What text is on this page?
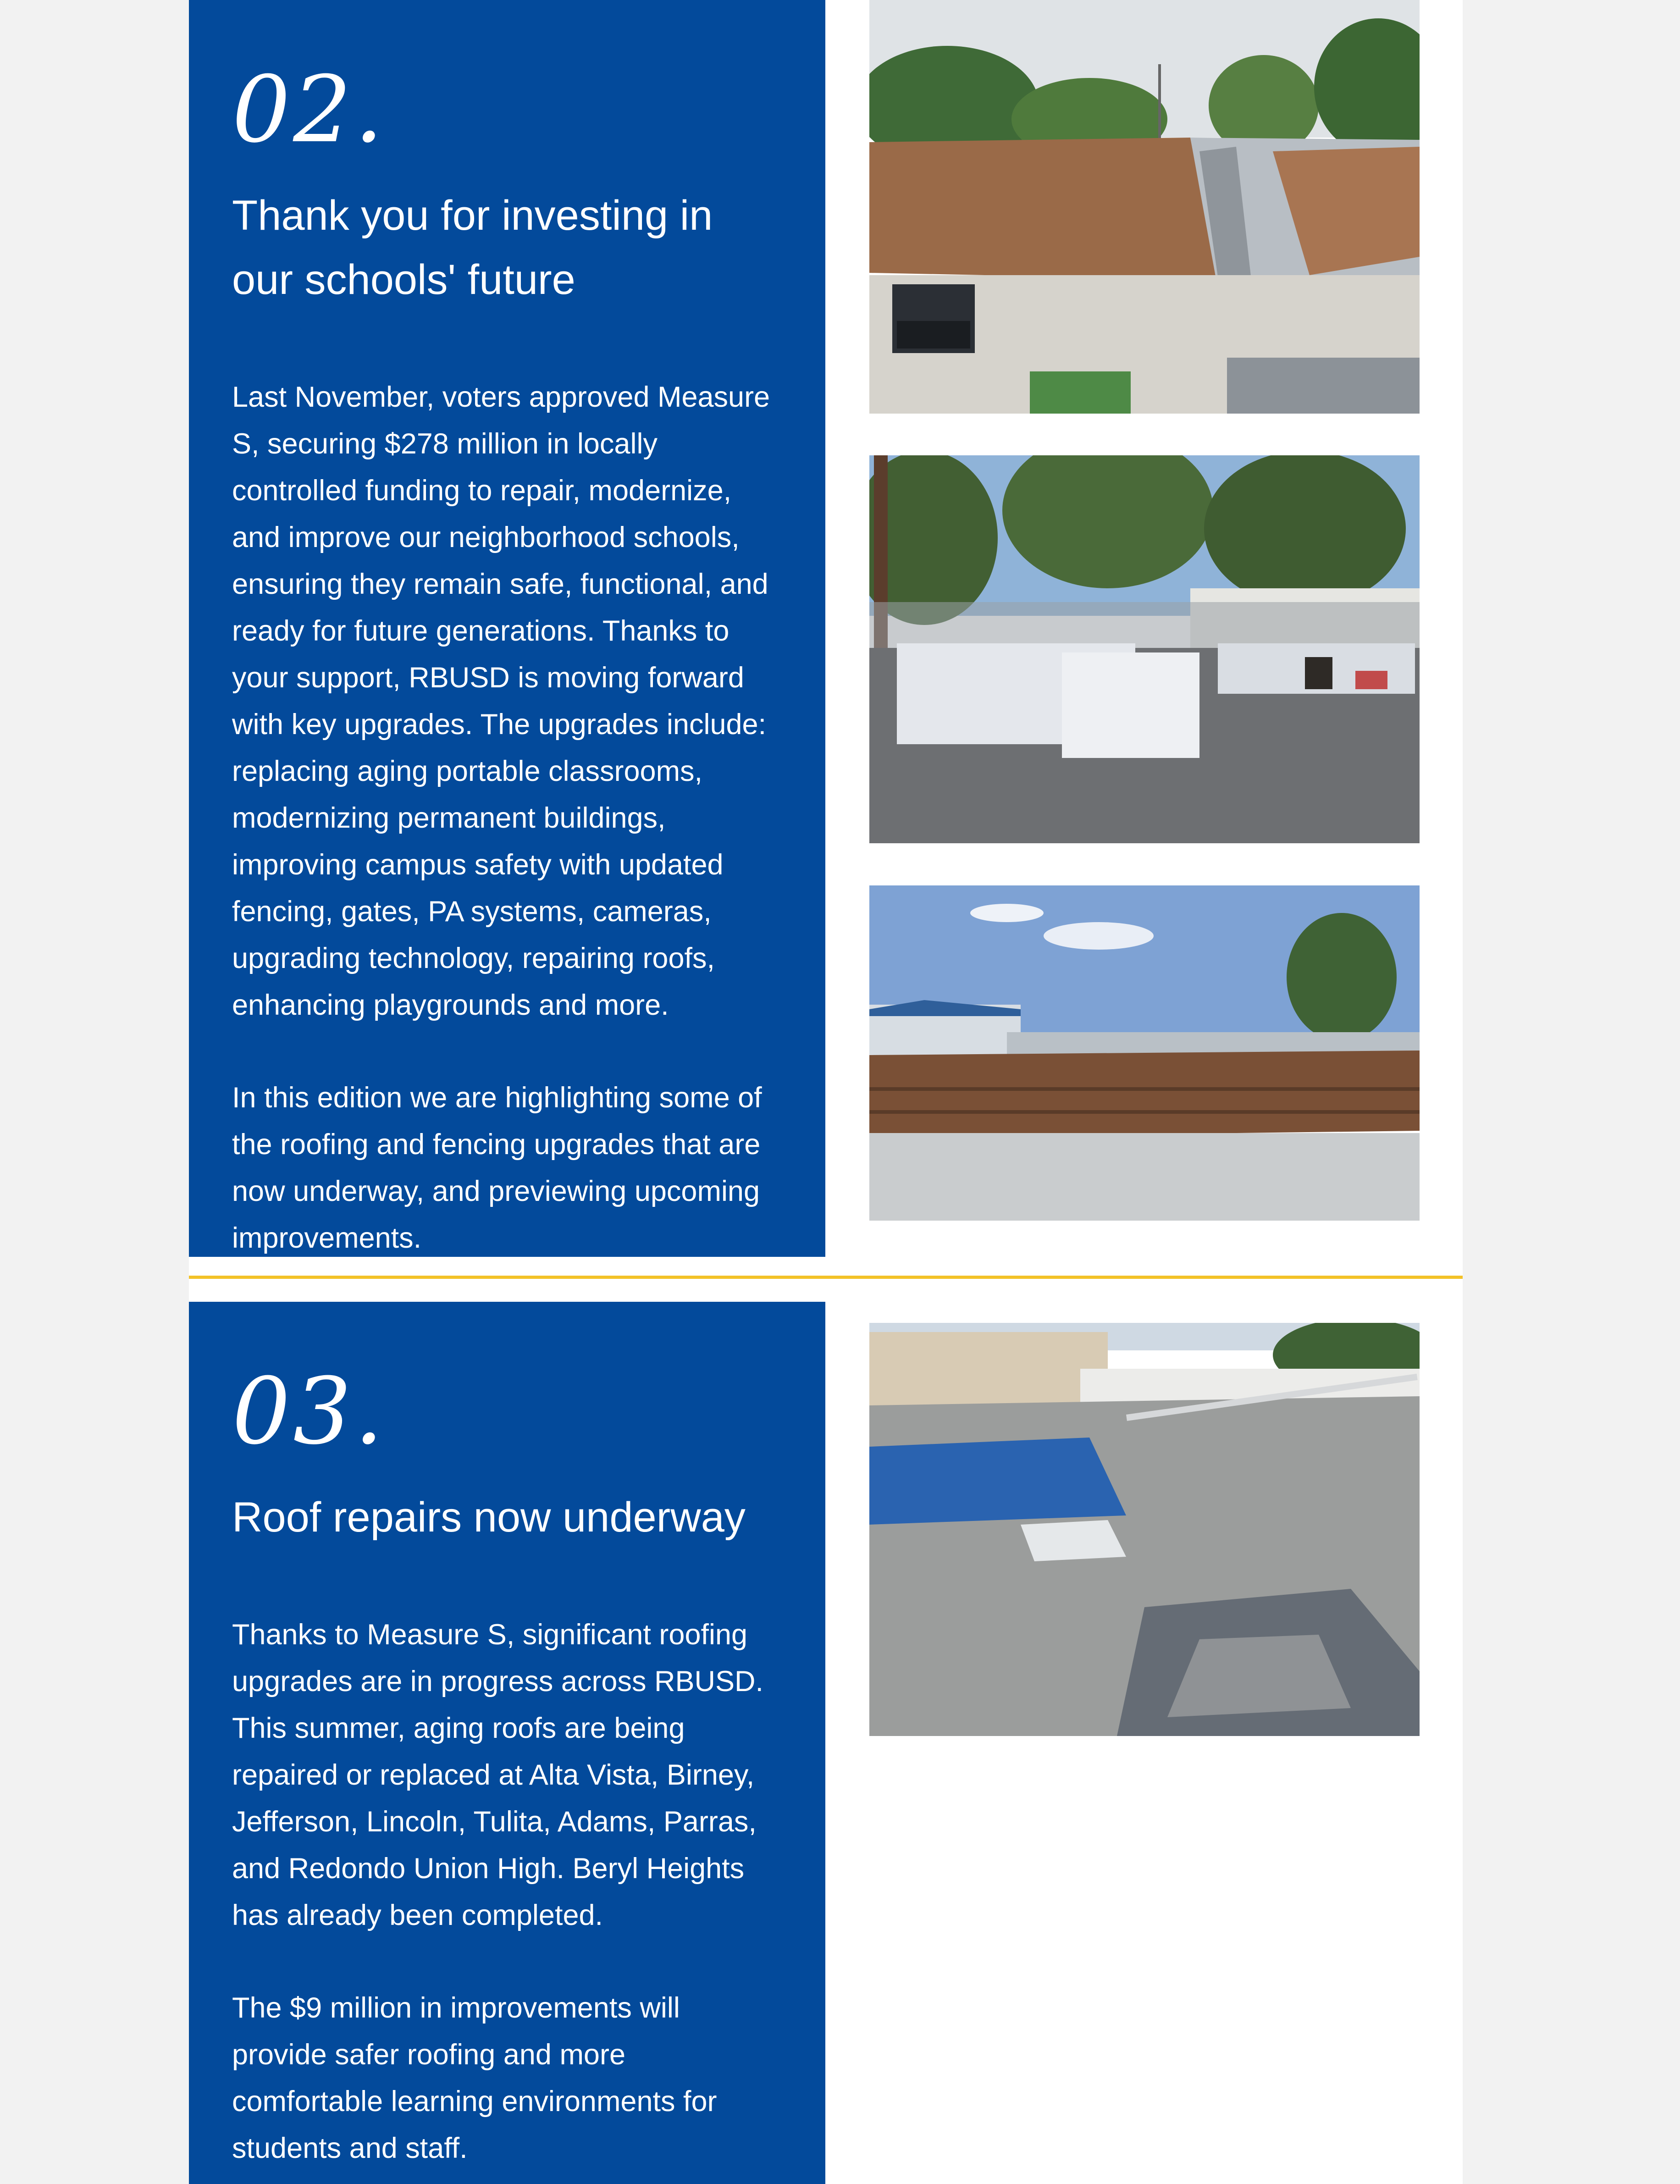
02.

Thank you for investing in
our schools' future

Last November, voters approved Measure
S, securing $278 million in locally
controlled funding to repair, modernize,
and improve our neighborhood schools,
ensuring they remain safe, functional, and
ready for future generations. Thanks to
your support, RBUSD is moving forward
with key upgrades. The upgrades include:
replacing aging portable classrooms,
modernizing permanent buildings,
improving campus safety with updated
fencing, gates, PA systems, cameras,
upgrading technology, repairing roofs,
enhancing playgrounds and more.

In this edition we are highlighting some of
the roofing and fencing upgrades that are
now underway, and previewing upcoming
improvements.

03.

Roof repairs now underway

Thanks to Measure S, significant roofing
upgrades are in progress across RBUSD.
This summer, aging roofs are being
repaired or replaced at Alta Vista, Birney,
Jefferson, Lincoln, Tulita, Adams, Parras,
and Redondo Union High. Beryl Heights
has already been completed.

The $9 million in improvements will
provide safer roofing and more
comfortable learning environments for
students and staff.
